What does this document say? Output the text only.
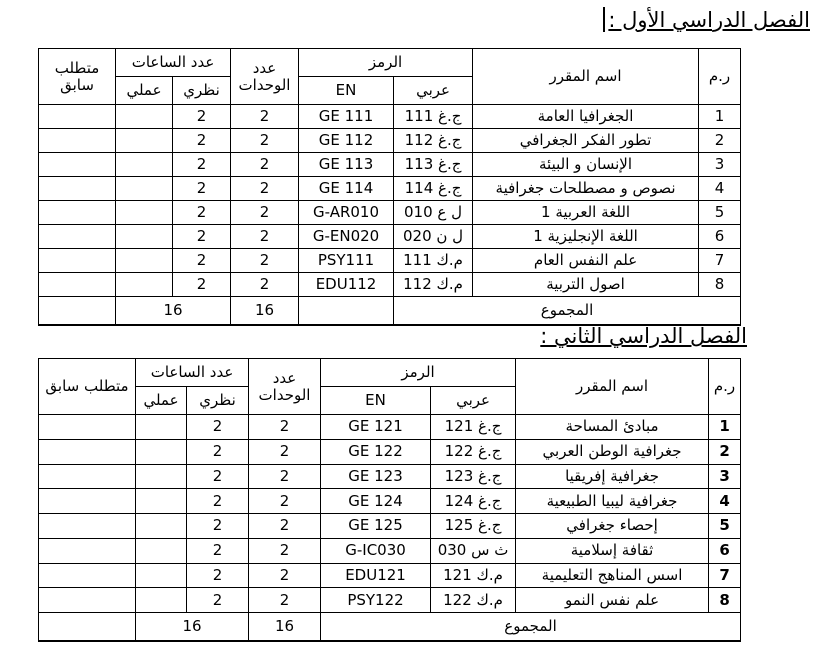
الفصل الدراسي الأول :
ر.م	اسم المقرر	الرمز		عدد الوحدات	عدد الساعات		متطلب سابق
		عربي	EN		نظري	عملي	
1	الجغرافيا العامة	ج.غ 111	GE 111	2	2		
2	تطور الفكر الجغرافي	ج.غ 112	GE 112	2	2		
3	الإنسان و البيئة	ج.غ 113	GE 113	2	2		
4	نصوص و مصطلحات جغرافية	ج.غ 114	GE 114	2	2		
5	اللغة العربية 1	ل ع 010	G-AR010	2	2		
6	اللغة الإنجليزية 1	ل ن 020	G-EN020	2	2		
7	علم النفس العام	م.ك 111	PSY111	2	2		
8	اصول التربية	م.ك 112	EDU112	2	2		
المجموع				16	16		
الفصل الدراسي الثاني :
ر.م	اسم المقرر	الرمز		عدد الوحدات	عدد الساعات		متطلب سابق
		عربي	EN		نظري	عملي	
1	مبادئ المساحة	ج.غ 121	GE 121	2	2		
2	جغرافية الوطن العربي	ج.غ 122	GE 122	2	2		
3	جغرافية إفريقيا	ج.غ 123	GE 123	2	2		
4	جغرافية ليبيا الطبيعية	ج.غ 124	GE 124	2	2		
5	إحصاء جغرافي	ج.غ 125	GE 125	2	2		
6	ثقافة إسلامية	ث س 030	G-IC030	2	2		
7	اسس المناهج التعليمية	م.ك 121	EDU121	2	2		
8	علم نفس النمو	م.ك 122	PSY122	2	2		
المجموع				16	16		
